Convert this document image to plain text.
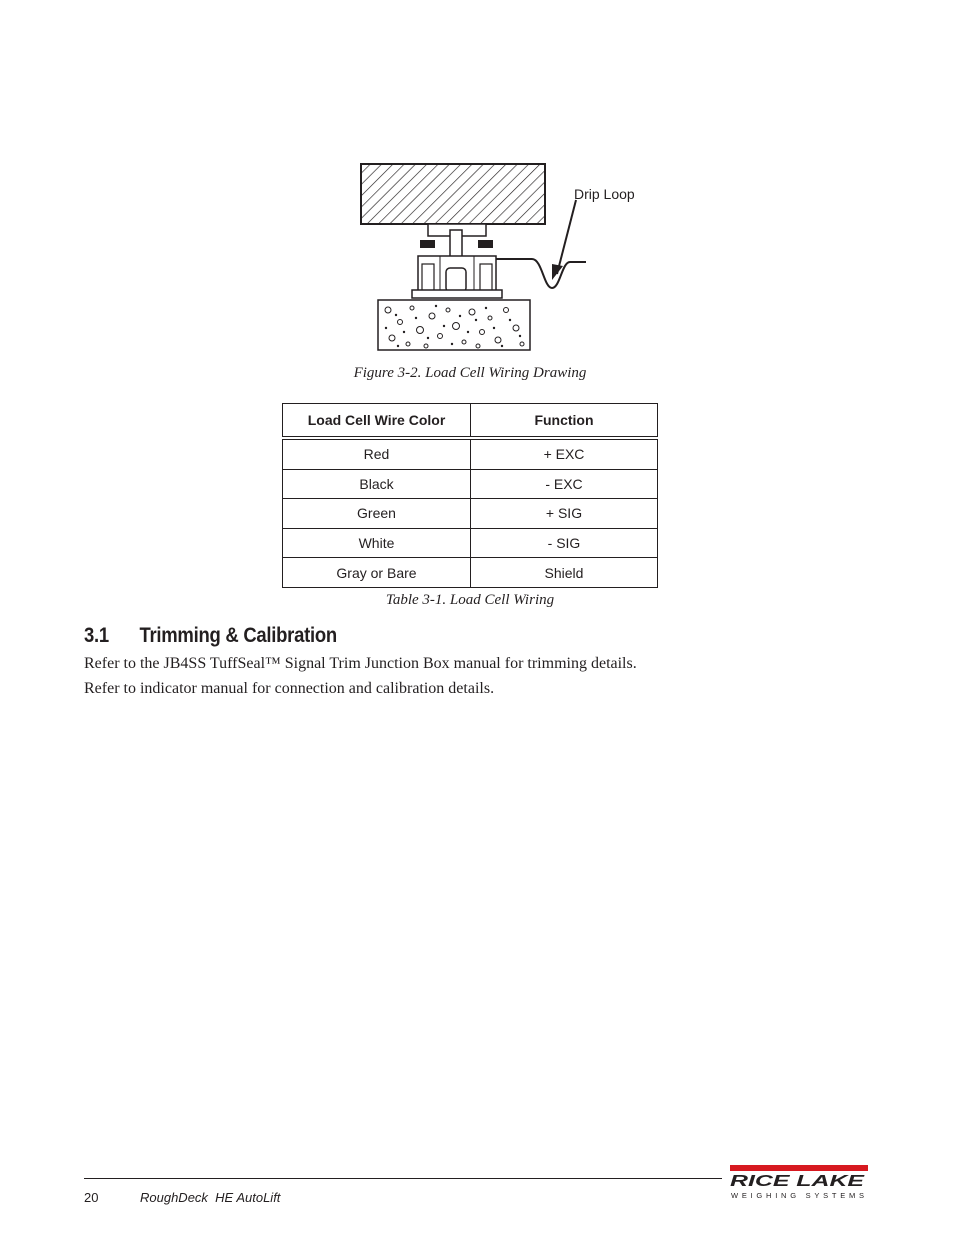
Drip Loop
Figure 3-2. Load Cell Wiring Drawing
Load Cell Wire Color	Function
Red	+ EXC
Black	- EXC
Green	+ SIG
White	- SIG
Gray or Bare	Shield
Table 3-1. Load Cell Wiring
3.1 Trimming & Calibration
Refer to the JB4SS TuffSeal™ Signal Trim Junction Box manual for trimming details.
Refer to indicator manual for connection and calibration details.
20	RoughDeck  HE AutoLift
RICE LAKE
WEIGHING SYSTEMS
